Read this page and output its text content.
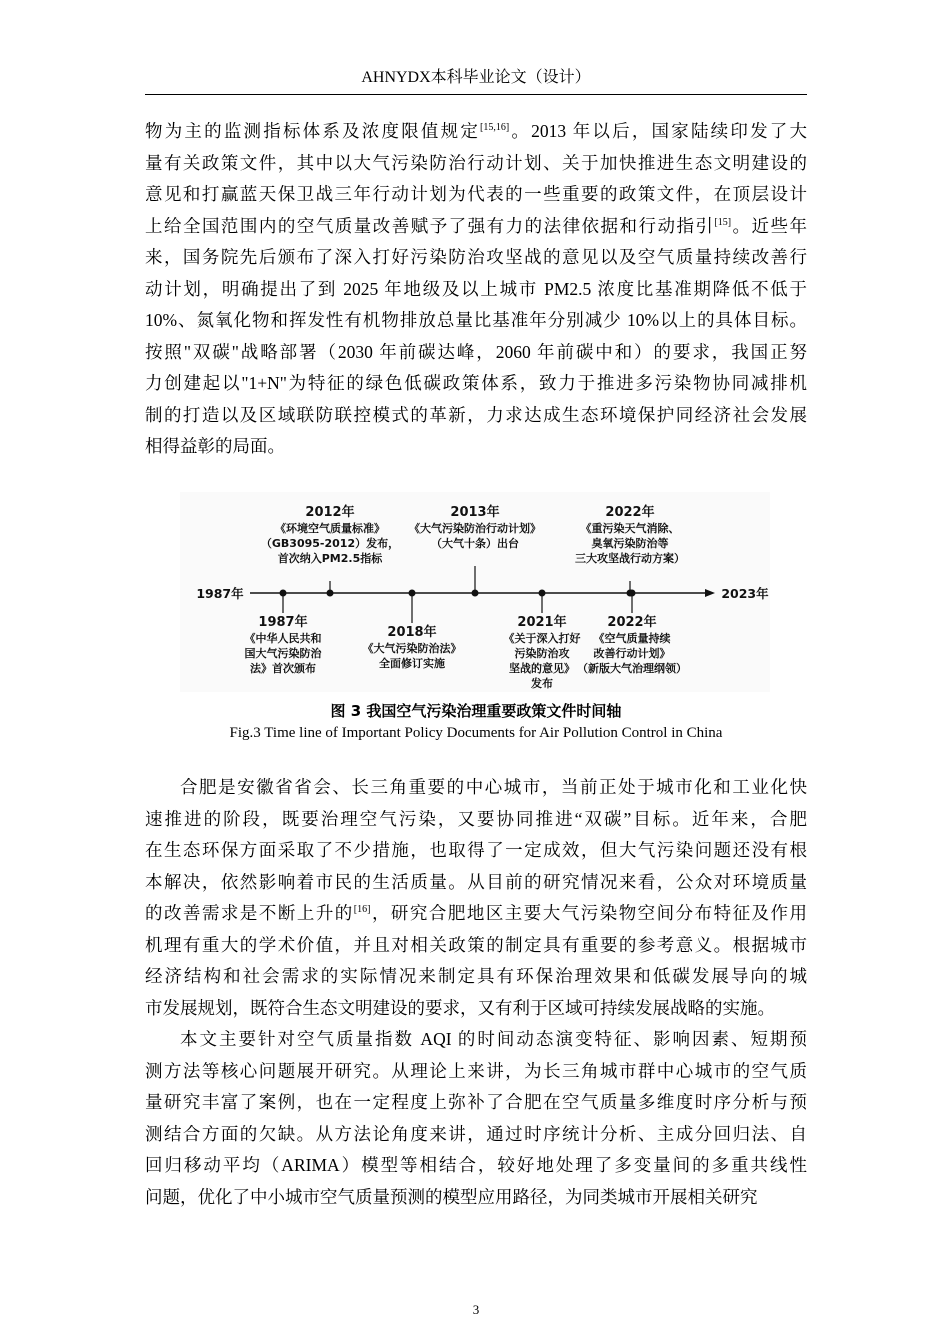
AHNYDX本科毕业论文（设计）
物为主的监测指标体系及浓度限值规定[15,16]。2013 年以后，国家陆续印发了大
量有关政策文件，其中以大气污染防治行动计划、关于加快推进生态文明建设的
意见和打赢蓝天保卫战三年行动计划为代表的一些重要的政策文件，在顶层设计
上给全国范围内的空气质量改善赋予了强有力的法律依据和行动指引[15]。近些年
来，国务院先后颁布了深入打好污染防治攻坚战的意见以及空气质量持续改善行
动计划，明确提出了到 2025 年地级及以上城市 PM2.5 浓度比基准期降低不低于
10%、氮氧化物和挥发性有机物排放总量比基准年分别减少 10%以上的具体目标。
按照"双碳"战略部署（2030 年前碳达峰，2060 年前碳中和）的要求，我国正努
力创建起以"1+N"为特征的绿色低碳政策体系，致力于推进多污染物协同减排机
制的打造以及区域联防联控模式的革新，力求达成生态环境保护同经济社会发展
相得益彰的局面。
1987年	2023年
2012年
《环境空气质量标准》
（GB3095-2012）发布，
首次纳入PM2.5指标
2013年
《大气污染防治行动计划》
（大气十条）出台
2022年
《重污染天气消除、
臭氧污染防治等
三大攻坚战行动方案）
1987年
《中华人民共和
国大气污染防治
法》首次颁布
2018年
《大气污染防治法》
全面修订实施
2021年
《关于深入打好
污染防治攻
坚战的意见》
发布
2022年
《空气质量持续
改善行动计划》
（新版大气治理纲领）
图 3 我国空气污染治理重要政策文件时间轴
Fig.3 Time line of Important Policy Documents for Air Pollution Control in China
合肥是安徽省省会、长三角重要的中心城市，当前正处于城市化和工业化快
速推进的阶段，既要治理空气污染，又要协同推进“双碳”目标。近年来，合肥
在生态环保方面采取了不少措施，也取得了一定成效，但大气污染问题还没有根
本解决，依然影响着市民的生活质量。从目前的研究情况来看，公众对环境质量
的改善需求是不断上升的[16]，研究合肥地区主要大气污染物空间分布特征及作用
机理有重大的学术价值，并且对相关政策的制定具有重要的参考意义。根据城市
经济结构和社会需求的实际情况来制定具有环保治理效果和低碳发展导向的城
市发展规划，既符合生态文明建设的要求，又有利于区域可持续发展战略的实施。
本文主要针对空气质量指数 AQI 的时间动态演变特征、影响因素、短期预
测方法等核心问题展开研究。从理论上来讲，为长三角城市群中心城市的空气质
量研究丰富了案例，也在一定程度上弥补了合肥在空气质量多维度时序分析与预
测结合方面的欠缺。从方法论角度来讲，通过时序统计分析、主成分回归法、自
回归移动平均（ARIMA）模型等相结合，较好地处理了多变量间的多重共线性
问题，优化了中小城市空气质量预测的模型应用路径，为同类城市开展相关研究
3
